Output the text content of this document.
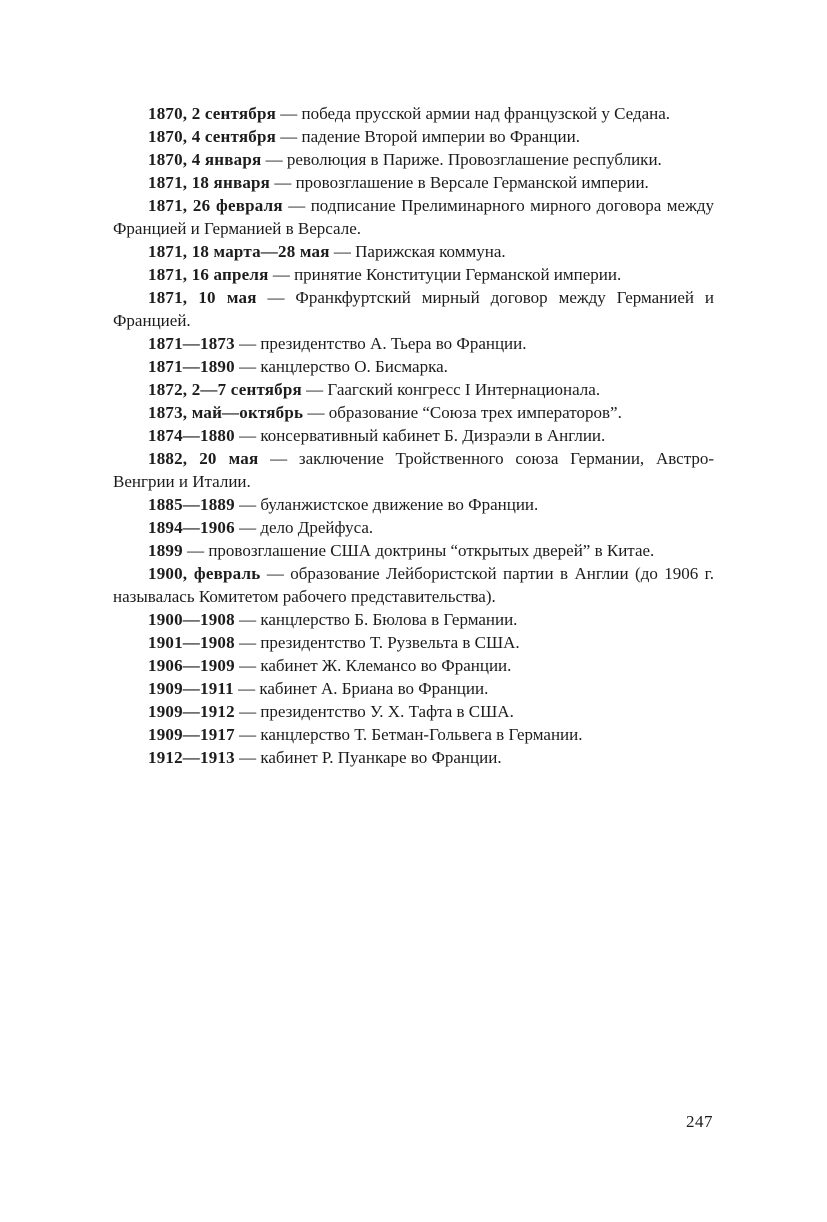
1870, 2 сентября — победа прусской армии над французской у Седана.

1870, 4 сентября — падение Второй империи во Франции.

1870, 4 января — революция в Париже. Провозглашение республики.

1871, 18 января — провозглашение в Версале Германской империи.

1871, 26 февраля — подписание Прелиминарного мирного договора между Францией и Германией в Версале.

1871, 18 марта—28 мая — Парижская коммуна.

1871, 16 апреля — принятие Конституции Германской империи.

1871, 10 мая — Франкфуртский мирный договор между Германией и Францией.

1871—1873 — президентство А. Тьера во Франции.

1871—1890 — канцлерство О. Бисмарка.

1872, 2—7 сентября — Гаагский конгресс I Интернационала.

1873, май—октябрь — образование “Союза трех императоров”.

1874—1880 — консервативный кабинет Б. Дизраэли в Англии.

1882, 20 мая — заключение Тройственного союза Германии, Австро-Венгрии и Италии.

1885—1889 — буланжистское движение во Франции.

1894—1906 — дело Дрейфуса.

1899 — провозглашение США доктрины “открытых дверей” в Китае.

1900, февраль — образование Лейбористской партии в Англии (до 1906 г. называлась Комитетом рабочего представительства).

1900—1908 — канцлерство Б. Бюлова в Германии.

1901—1908 — президентство Т. Рузвельта в США.

1906—1909 — кабинет Ж. Клемансо во Франции.

1909—1911 — кабинет А. Бриана во Франции.

1909—1912 — президентство У. Х. Тафта в США.

1909—1917 — канцлерство Т. Бетман-Гольвега в Германии.

1912—1913 — кабинет Р. Пуанкаре во Франции.

247
